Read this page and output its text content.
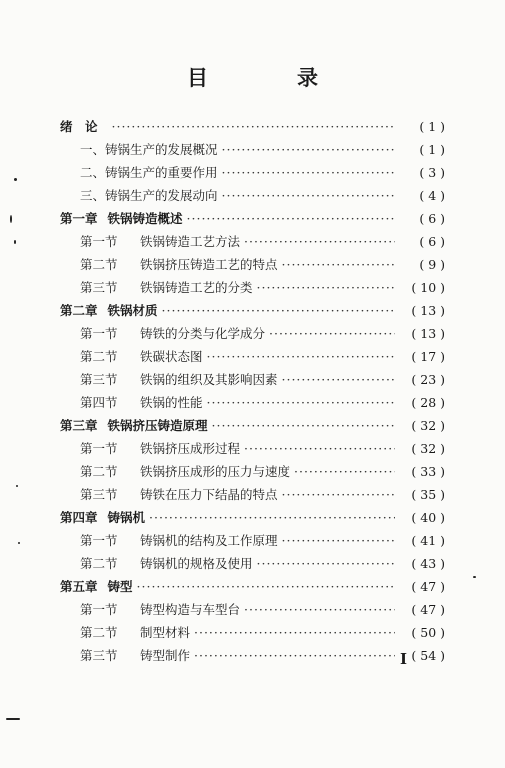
目　录
绪　论 ·····	( 1 )
一、 铸锅生产的发展概况 ·····	( 1 )
二、 铸锅生产的重要作用 ·····	( 3 )
三、 铸锅生产的发展动向 ·····	( 4 )
第一章 铁锅铸造概述 ·····	( 6 )
第一节	铁锅铸造工艺方法 ·····	( 6 )
第二节	铁锅挤压铸造工艺的特点 ·····	( 9 )
第三节	铁锅铸造工艺的分类 ·····	( 10 )
第二章 铁锅材质 ·····	( 13 )
第一节	铸铁的分类与化学成分 ·····	( 13 )
第二节	铁碳状态图 ·····	( 17 )
第三节	铁锅的组织及其影响因素 ·····	( 23 )
第四节	铁锅的性能 ·····	( 28 )
第三章 铁锅挤压铸造原理 ·····	( 32 )
第一节	铁锅挤压成形过程 ·····	( 32 )
第二节	铁锅挤压成形的压力与速度 ·····	( 33 )
第三节	铸铁在压力下结晶的特点 ·····	( 35 )
第四章 铸锅机 ·····	( 40 )
第一节	铸锅机的结构及工作原理 ·····	( 41 )
第二节	铸锅机的规格及使用 ·····	( 43 )
第五章 铸型 ·····	( 47 )
第一节	铸型构造与车型台 ·····	( 47 )
第二节	制型材料 ·····	( 50 )
第三节	铸型制作 ·····	( 54 )
I
